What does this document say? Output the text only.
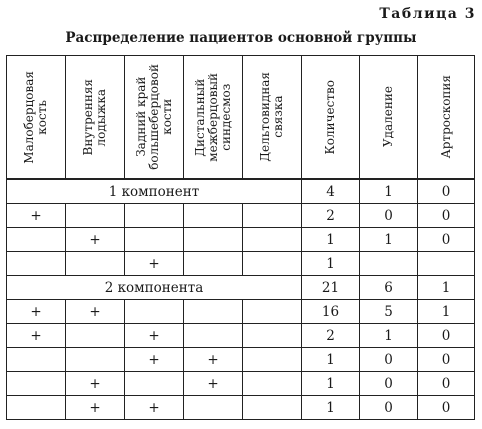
Таблица 3
Распределение пациентов основной группы
Малоберцовая
кость	Внутренняя
лодыжка	Задний край
большеберцовой
кости	Дистальный
межберцовый
синдесмоз	Дельтовидная
связка	Количество	Удаление	Артроскопия

1 компонент					4	1	0
+					2	0	0
	+				1	1	0
		+			1		
2 компонента					21	6	1
+	+				16	5	1
+		+			2	1	0
		+	+		1	0	0
	+		+		1	0	0
	+	+			1	0	0
